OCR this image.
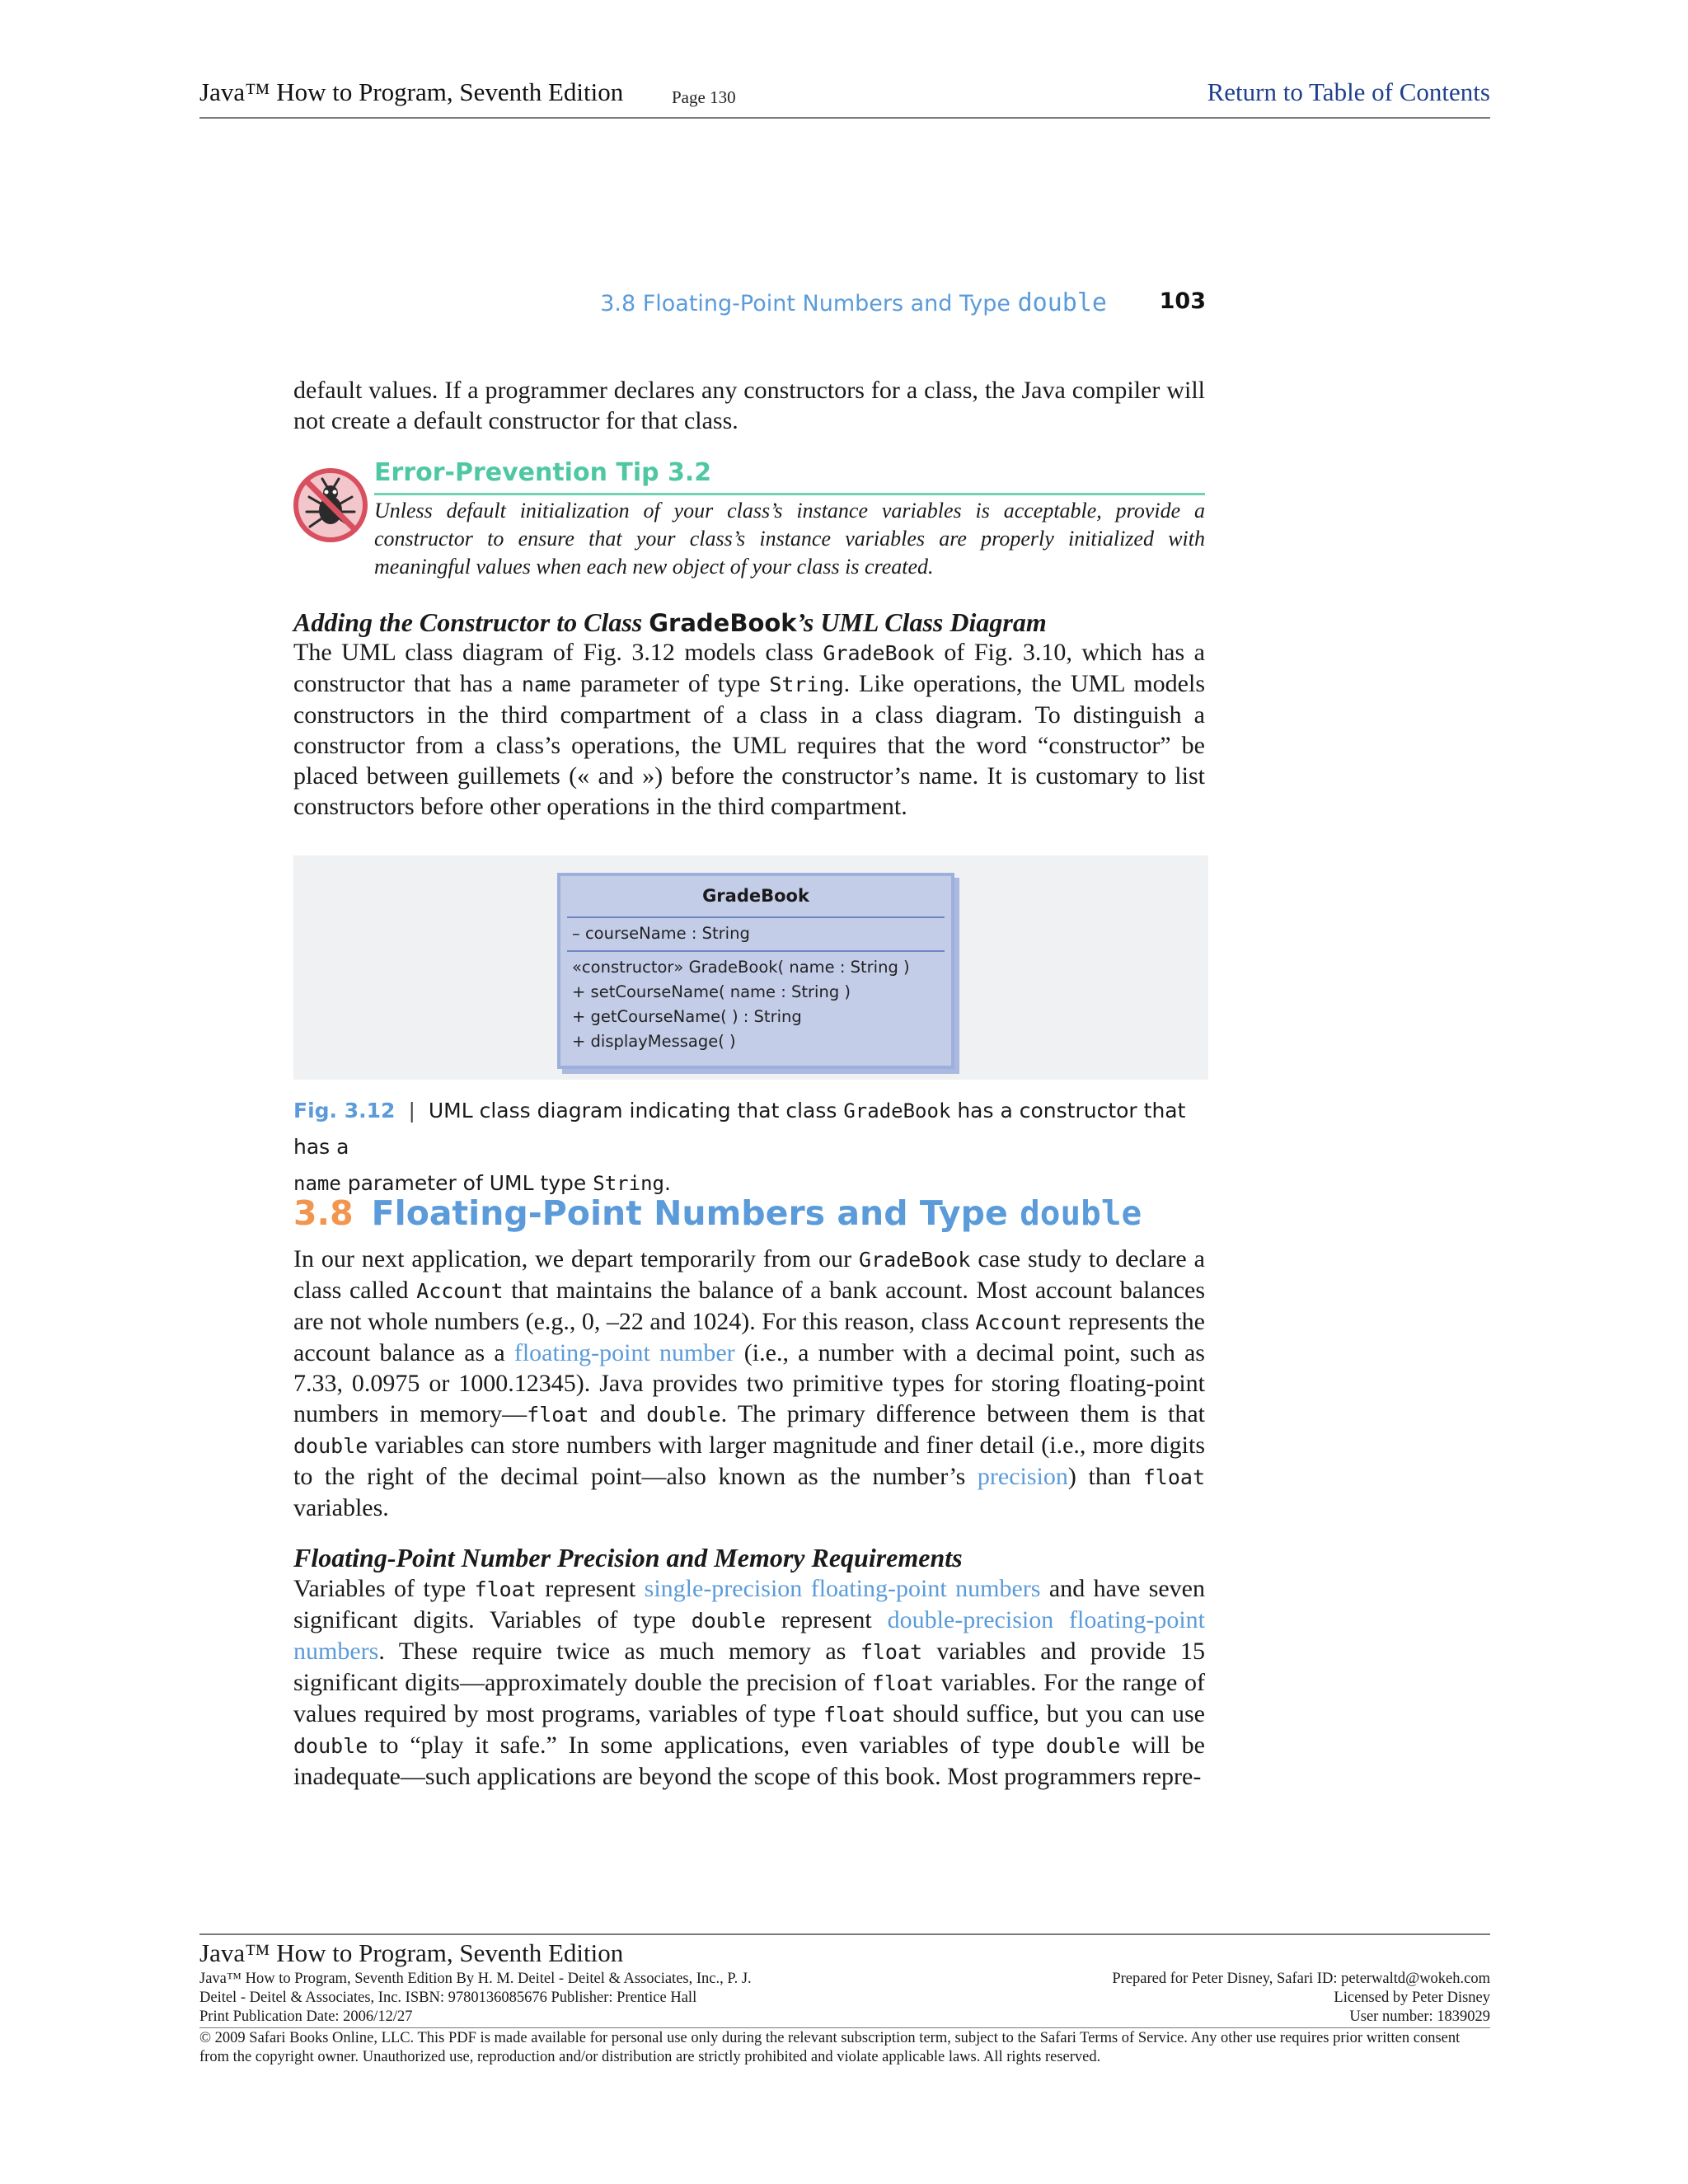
Java™ How to Program, Seventh Edition	Page 130	Return to Table of Contents
3.8 Floating-Point Numbers and Type double 103
default values. If a programmer declares any constructors for a class, the Java compiler will not create a default constructor for that class.
Error-Prevention Tip 3.2
Unless default initialization of your class’s instance variables is acceptable, provide a constructor to ensure that your class’s instance variables are properly initialized with meaningful values when each new object of your class is created.
Adding the Constructor to Class GradeBook’s UML Class Diagram
The UML class diagram of Fig. 3.12 models class GradeBook of Fig. 3.10, which has a constructor that has a name parameter of type String. Like operations, the UML models constructors in the third compartment of a class in a class diagram. To distinguish a constructor from a class’s operations, the UML requires that the word “constructor” be placed between guillemets (« and ») before the constructor’s name. It is customary to list constructors before other operations in the third compartment.
GradeBook
– courseName : String
«constructor» GradeBook( name : String )
+ setCourseName( name : String )
+ getCourseName( ) : String
+ displayMessage( )
Fig. 3.12 | UML class diagram indicating that class GradeBook has a constructor that has a
name parameter of UML type String.
3.8 Floating-Point Numbers and Type double
In our next application, we depart temporarily from our GradeBook case study to declare a class called Account that maintains the balance of a bank account. Most account balances are not whole numbers (e.g., 0, –22 and 1024). For this reason, class Account represents the account balance as a floating-point number (i.e., a number with a decimal point, such as 7.33, 0.0975 or 1000.12345). Java provides two primitive types for storing floating-point numbers in memory—float and double. The primary difference between them is that double variables can store numbers with larger magnitude and finer detail (i.e., more digits to the right of the decimal point—also known as the number’s precision) than float variables.
Floating-Point Number Precision and Memory Requirements
Variables of type float represent single-precision floating-point numbers and have seven significant digits. Variables of type double represent double-precision floating-point numbers. These require twice as much memory as float variables and provide 15 significant digits—approximately double the precision of float variables. For the range of values required by most programs, variables of type float should suffice, but you can use double to “play it safe.” In some applications, even variables of type double will be inadequate—such applications are beyond the scope of this book. Most programmers repre-
Java™ How to Program, Seventh Edition
Java™ How to Program, Seventh Edition By H. M. Deitel - Deitel & Associates, Inc., P. J.
Deitel - Deitel & Associates, Inc. ISBN: 9780136085676 Publisher: Prentice Hall
Print Publication Date: 2006/12/27
Prepared for Peter Disney, Safari ID: peterwaltd@wokeh.com
Licensed by Peter Disney
User number: 1839029
© 2009 Safari Books Online, LLC. This PDF is made available for personal use only during the relevant subscription term, subject to the Safari Terms of Service. Any other use requires prior written consent from the copyright owner. Unauthorized use, reproduction and/or distribution are strictly prohibited and violate applicable laws. All rights reserved.
